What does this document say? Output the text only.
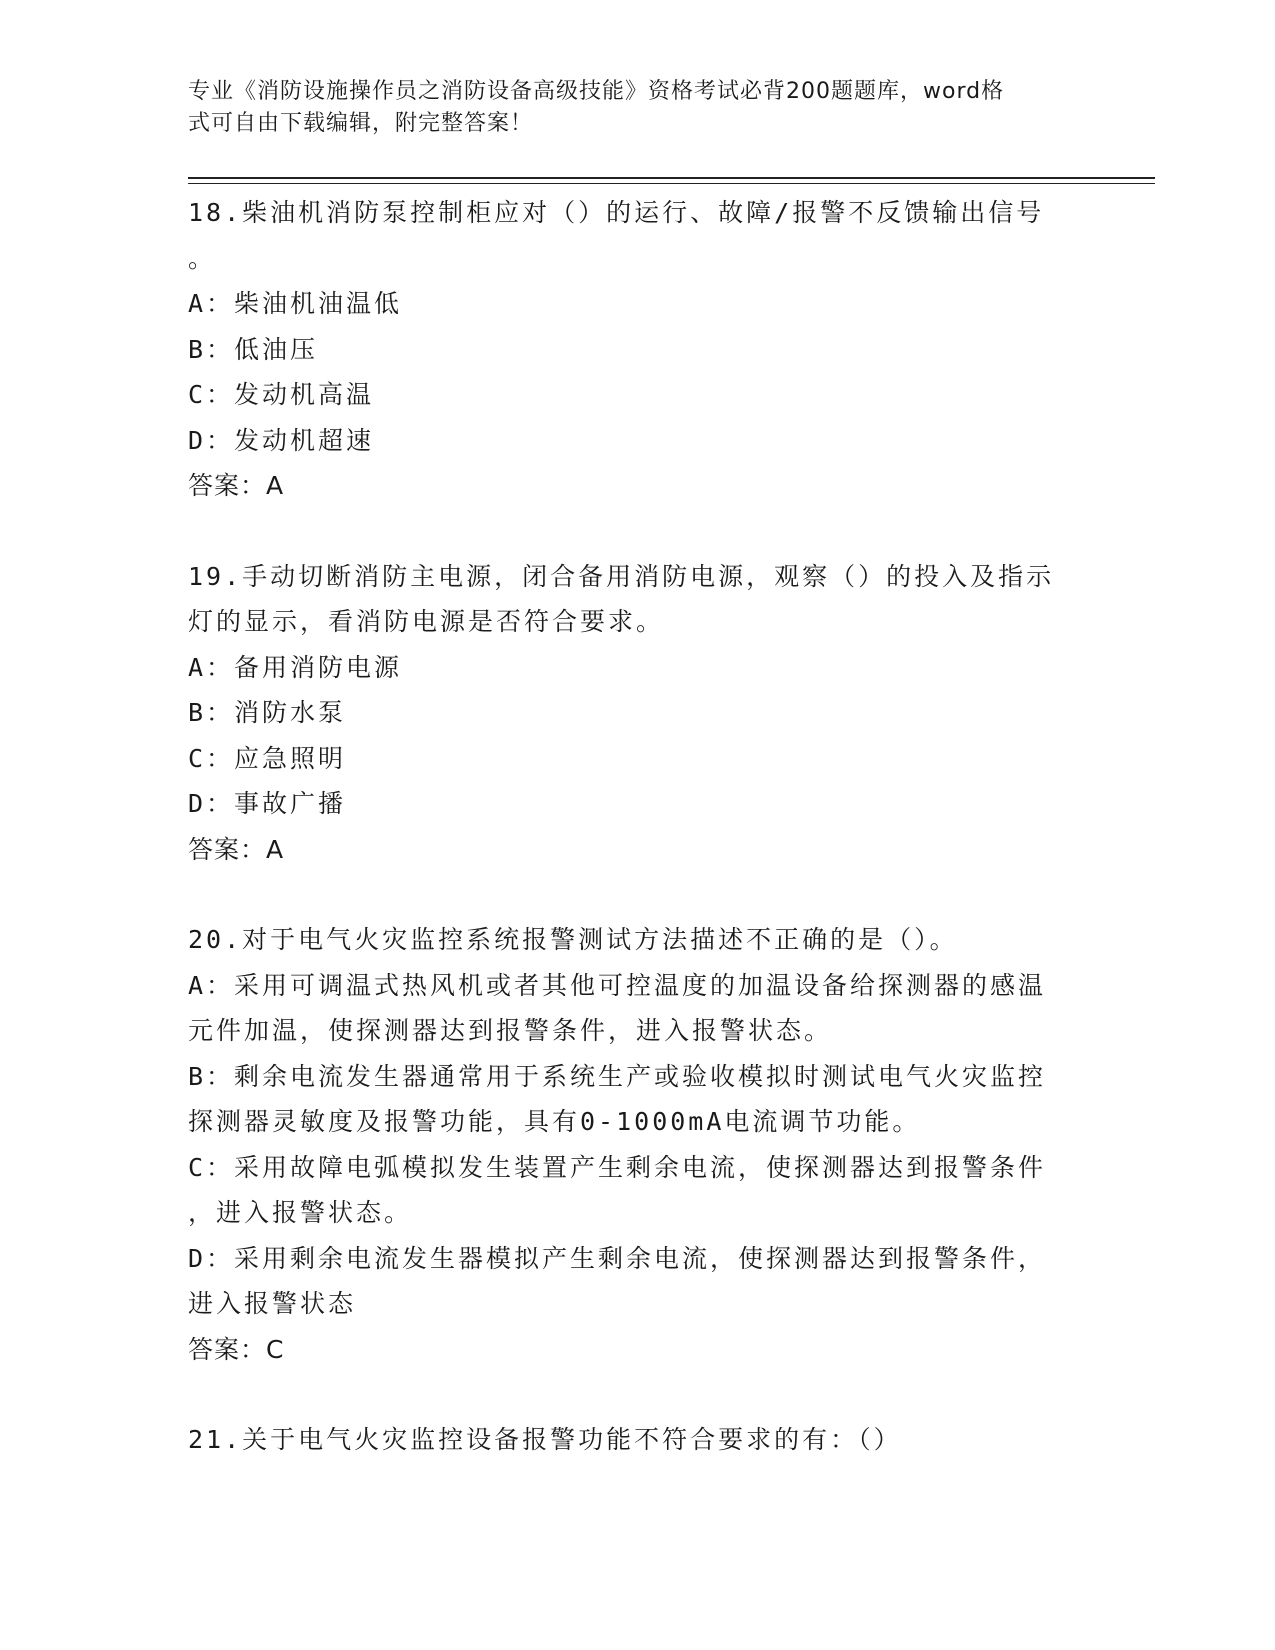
专业《消防设施操作员之消防设备高级技能》资格考试必背200题题库，word格
式可自由下载编辑，附完整答案！
18.柴油机消防泵控制柜应对（）的运行、故障/报警不反馈输出信号
。
A：柴油机油温低
B：低油压
C：发动机高温
D：发动机超速
答案：A
19.手动切断消防主电源，闭合备用消防电源，观察（）的投入及指示
灯的显示，看消防电源是否符合要求。
A：备用消防电源
B：消防水泵
C：应急照明
D：事故广播
答案：A
20.对于电气火灾监控系统报警测试方法描述不正确的是（）。
A：采用可调温式热风机或者其他可控温度的加温设备给探测器的感温
元件加温，使探测器达到报警条件，进入报警状态。
B：剩余电流发生器通常用于系统生产或验收模拟时测试电气火灾监控
探测器灵敏度及报警功能，具有0-1000mA电流调节功能。
C：采用故障电弧模拟发生装置产生剩余电流，使探测器达到报警条件
，进入报警状态。
D：采用剩余电流发生器模拟产生剩余电流，使探测器达到报警条件，
进入报警状态
答案：C
21.关于电气火灾监控设备报警功能不符合要求的有：（）
